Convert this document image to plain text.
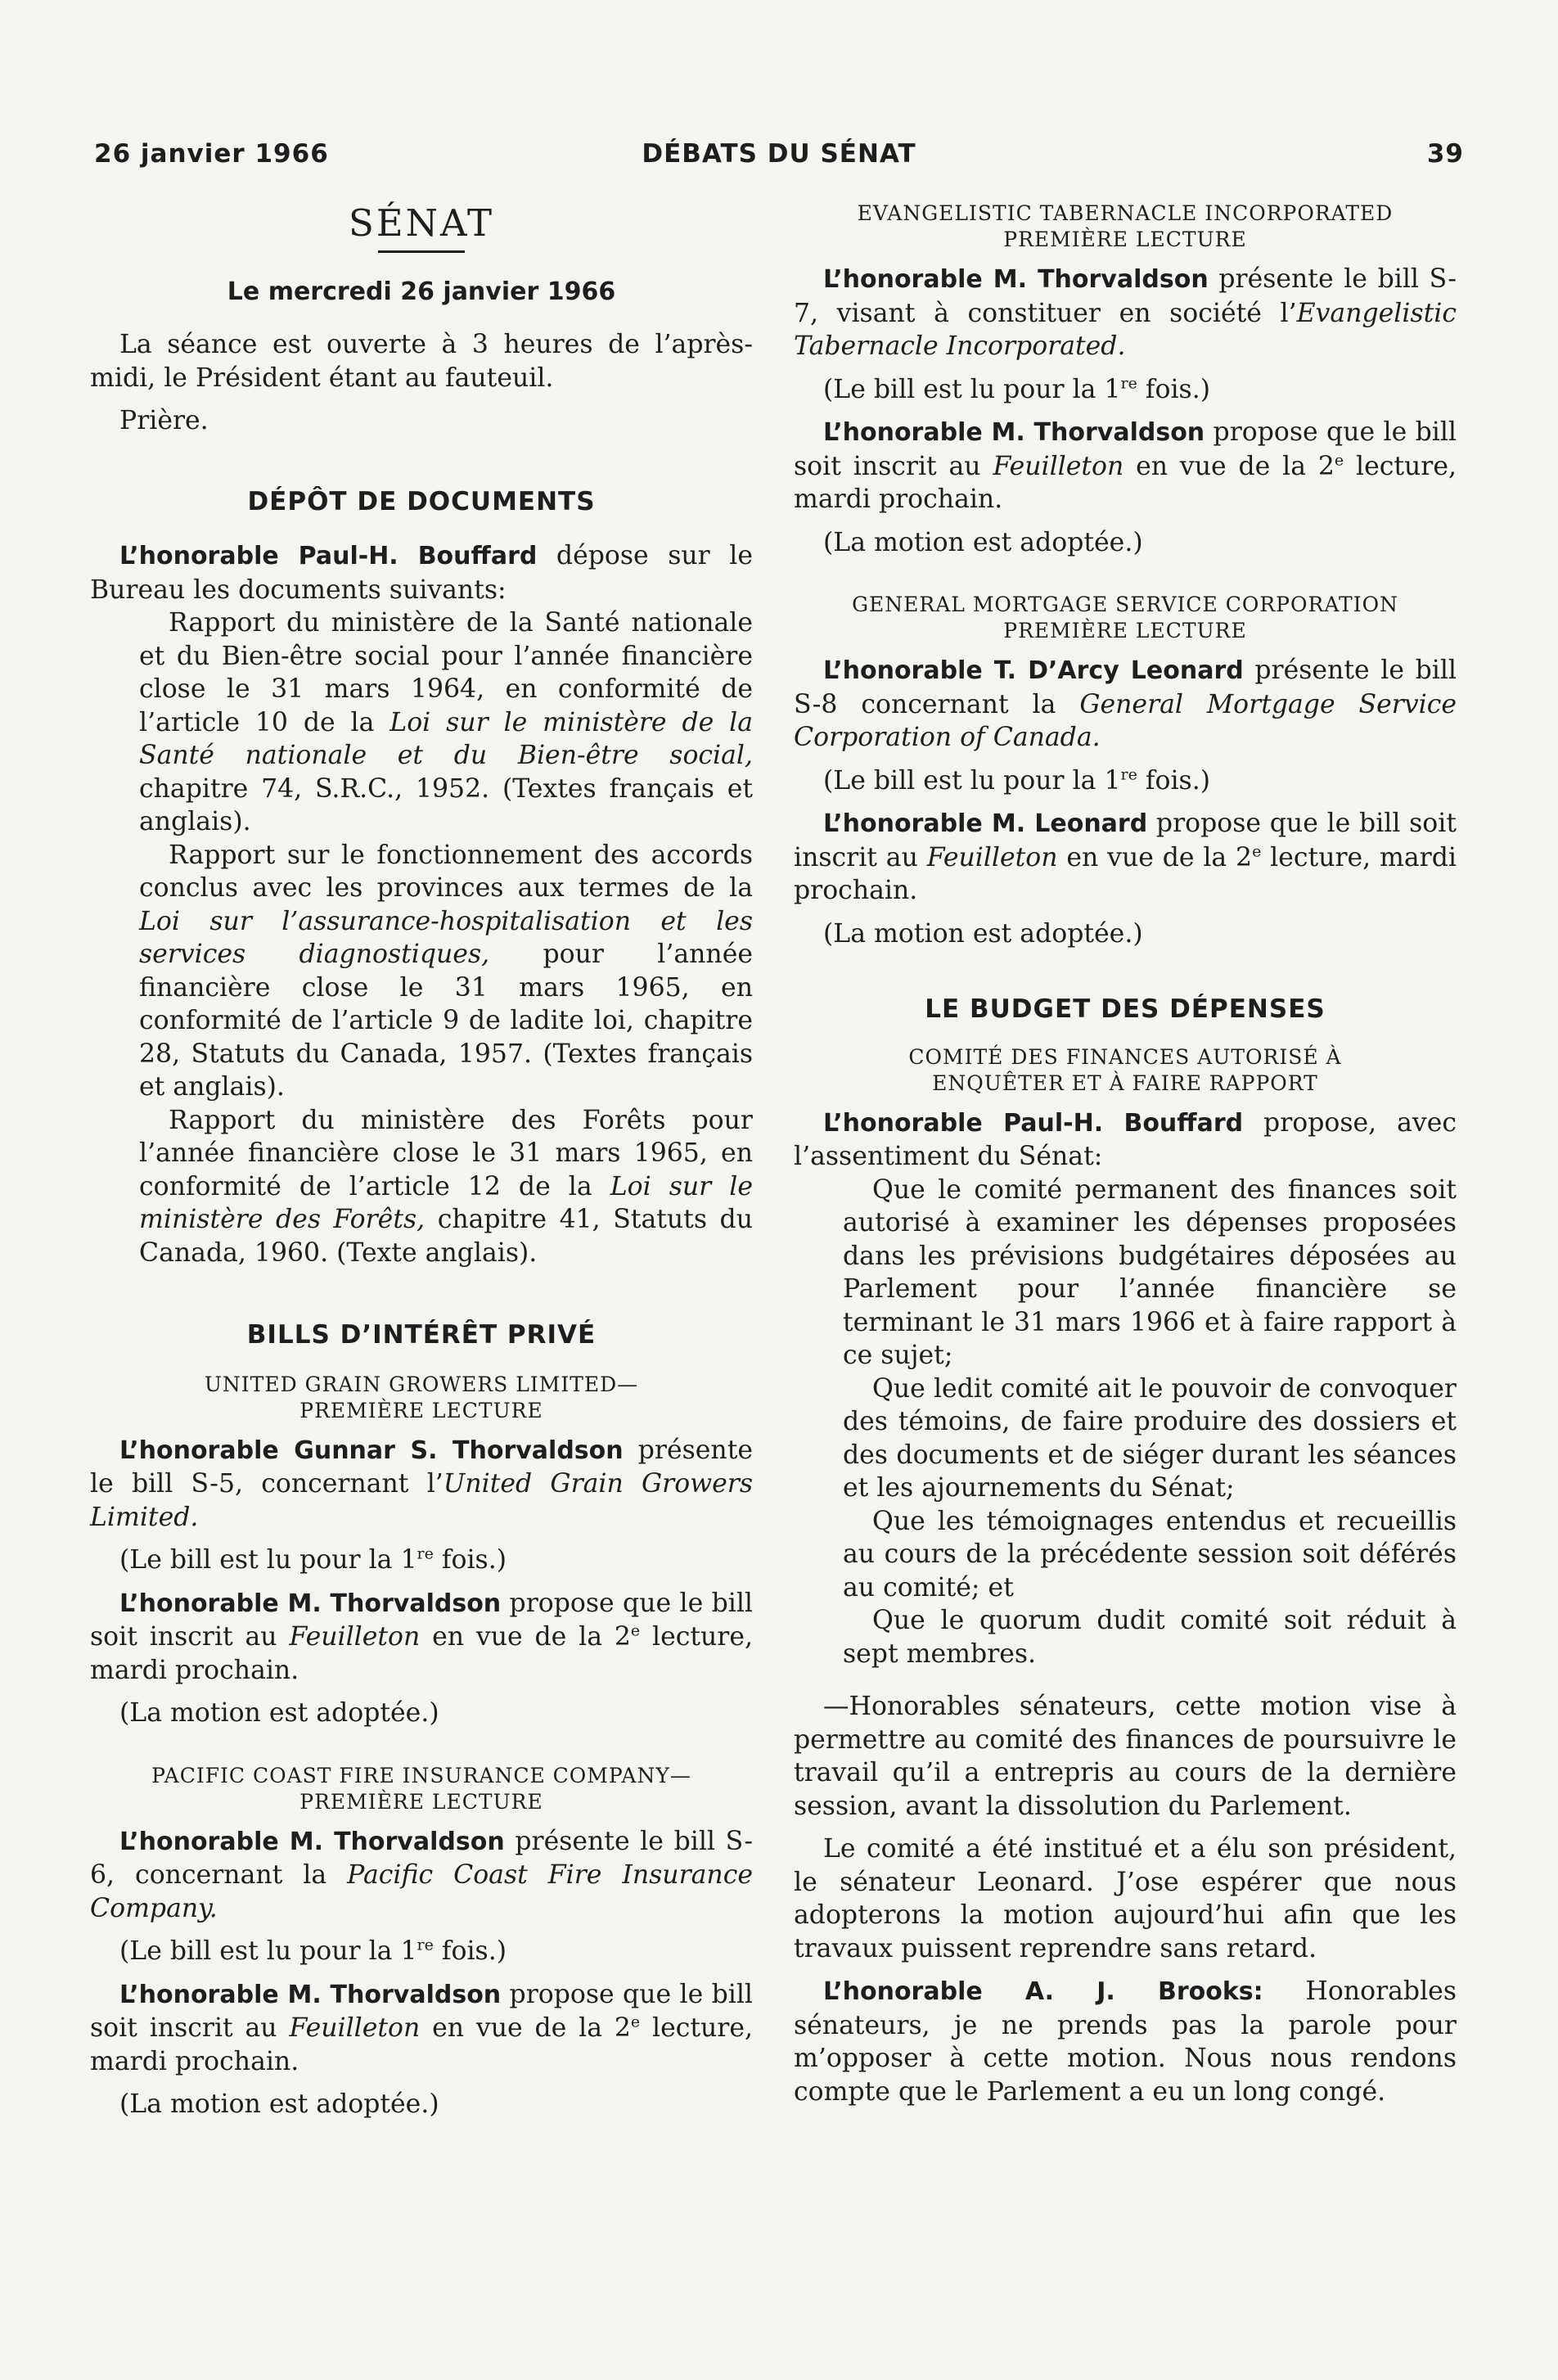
26 janvier 1966	DÉBATS DU SÉNAT	39
SÉNAT
Le mercredi 26 janvier 1966

La séance est ouverte à 3 heures de l’après-midi, le Président étant au fauteuil.

Prière.

DÉPÔT DE DOCUMENTS

L’honorable Paul-H. Bouffard dépose sur le Bureau les documents suivants:

Rapport du ministère de la Santé nationale et du Bien-être social pour l’année financière close le 31 mars 1964, en conformité de l’article 10 de la Loi sur le ministère de la Santé nationale et du Bien-être social, chapitre 74, S.R.C., 1952. (Textes français et anglais).

Rapport sur le fonctionnement des accords conclus avec les provinces aux termes de la Loi sur l’assurance-hospitalisation et les services diagnostiques, pour l’année financière close le 31 mars 1965, en conformité de l’article 9 de ladite loi, chapitre 28, Statuts du Canada, 1957. (Textes français et anglais).

Rapport du ministère des Forêts pour l’année financière close le 31 mars 1965, en conformité de l’article 12 de la Loi sur le ministère des Forêts, chapitre 41, Statuts du Canada, 1960. (Texte anglais).

BILLS D’INTÉRÊT PRIVÉ
UNITED GRAIN GROWERS LIMITED—
PREMIÈRE LECTURE

L’honorable Gunnar S. Thorvaldson présente le bill S-5, concernant l’United Grain Growers Limited.

(Le bill est lu pour la 1re fois.)

L’honorable M. Thorvaldson propose que le bill soit inscrit au Feuilleton en vue de la 2e lecture, mardi prochain.

(La motion est adoptée.)

PACIFIC COAST FIRE INSURANCE COMPANY—
PREMIÈRE LECTURE

L’honorable M. Thorvaldson présente le bill S-6, concernant la Pacific Coast Fire Insurance Company.

(Le bill est lu pour la 1re fois.)

L’honorable M. Thorvaldson propose que le bill soit inscrit au Feuilleton en vue de la 2e lecture, mardi prochain.

(La motion est adoptée.)

EVANGELISTIC TABERNACLE INCORPORATED
PREMIÈRE LECTURE

L’honorable M. Thorvaldson présente le bill S-7, visant à constituer en société l’Evangelistic Tabernacle Incorporated.

(Le bill est lu pour la 1re fois.)

L’honorable M. Thorvaldson propose que le bill soit inscrit au Feuilleton en vue de la 2e lecture, mardi prochain.

(La motion est adoptée.)

GENERAL MORTGAGE SERVICE CORPORATION
PREMIÈRE LECTURE

L’honorable T. D’Arcy Leonard présente le bill S-8 concernant la General Mortgage Service Corporation of Canada.

(Le bill est lu pour la 1re fois.)

L’honorable M. Leonard propose que le bill soit inscrit au Feuilleton en vue de la 2e lecture, mardi prochain.

(La motion est adoptée.)

LE BUDGET DES DÉPENSES
COMITÉ DES FINANCES AUTORISÉ À
ENQUÊTER ET À FAIRE RAPPORT

L’honorable Paul-H. Bouffard propose, avec l’assentiment du Sénat:

Que le comité permanent des finances soit autorisé à examiner les dépenses proposées dans les prévisions budgétaires déposées au Parlement pour l’année financière se terminant le 31 mars 1966 et à faire rapport à ce sujet;

Que ledit comité ait le pouvoir de convoquer des témoins, de faire produire des dossiers et des documents et de siéger durant les séances et les ajournements du Sénat;

Que les témoignages entendus et recueillis au cours de la précédente session soit déférés au comité; et

Que le quorum dudit comité soit réduit à sept membres.

—Honorables sénateurs, cette motion vise à permettre au comité des finances de poursuivre le travail qu’il a entrepris au cours de la dernière session, avant la dissolution du Parlement.

Le comité a été institué et a élu son président, le sénateur Leonard. J’ose espérer que nous adopterons la motion aujourd’hui afin que les travaux puissent reprendre sans retard.

L’honorable A. J. Brooks: Honorables sénateurs, je ne prends pas la parole pour m’opposer à cette motion. Nous nous rendons compte que le Parlement a eu un long congé.
